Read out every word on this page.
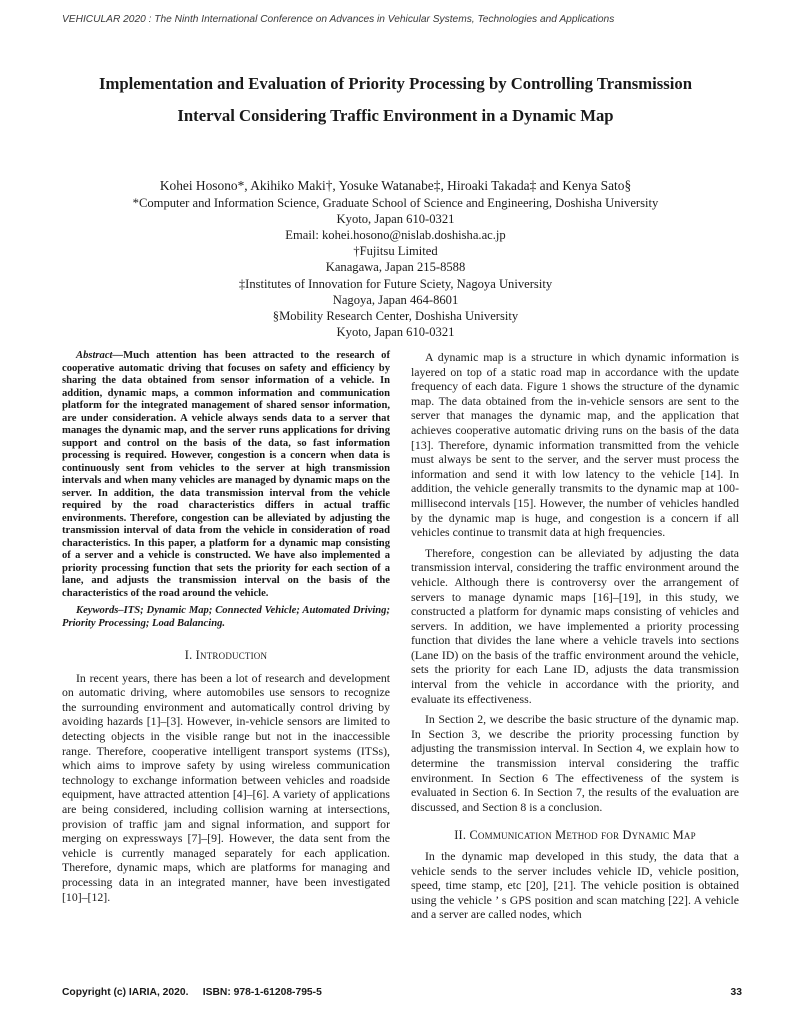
VEHICULAR 2020 : The Ninth International Conference on Advances in Vehicular Systems, Technologies and Applications
Implementation and Evaluation of Priority Processing by Controlling Transmission
Interval Considering Traffic Environment in a Dynamic Map
Kohei Hosono*, Akihiko Maki†, Yosuke Watanabe‡, Hiroaki Takada‡ and Kenya Sato§
*Computer and Information Science, Graduate School of Science and Engineering, Doshisha University
Kyoto, Japan 610-0321
Email: kohei.hosono@nislab.doshisha.ac.jp
†Fujitsu Limited
Kanagawa, Japan 215-8588
‡Institutes of Innovation for Future Sciety, Nagoya University
Nagoya, Japan 464-8601
§Mobility Research Center, Doshisha University
Kyoto, Japan 610-0321
Abstract—Much attention has been attracted to the research of cooperative automatic driving that focuses on safety and efficiency by sharing the data obtained from sensor information of a vehicle. In addition, dynamic maps, a common information and communication platform for the integrated management of shared sensor information, are under consideration. A vehicle always sends data to a server that manages the dynamic map, and the server runs applications for driving support and control on the basis of the data, so fast information processing is required. However, congestion is a concern when data is continuously sent from vehicles to the server at high transmission intervals and when many vehicles are managed by dynamic maps on the server. In addition, the data transmission interval from the vehicle required by the road characteristics differs in actual traffic environments. Therefore, congestion can be alleviated by adjusting the transmission interval of data from the vehicle in consideration of road characteristics. In this paper, a platform for a dynamic map consisting of a server and a vehicle is constructed. We have also implemented a priority processing function that sets the priority for each section of a lane, and adjusts the transmission interval on the basis of the characteristics of the road around the vehicle.
Keywords–ITS; Dynamic Map; Connected Vehicle; Automated Driving; Priority Processing; Load Balancing.
I. Introduction

In recent years, there has been a lot of research and development on automatic driving, where automobiles use sensors to recognize the surrounding environment and automatically control driving by avoiding hazards [1]–[3]. However, in-vehicle sensors are limited to detecting objects in the visible range but not in the inaccessible range. Therefore, cooperative intelligent transport systems (ITSs), which aims to improve safety by using wireless communication technology to exchange information between vehicles and roadside equipment, have attracted attention [4]–[6]. A variety of applications are being considered, including collision warning at intersections, provision of traffic jam and signal information, and support for merging on expressways [7]–[9]. However, the data sent from the vehicle is currently managed separately for each application. Therefore, dynamic maps, which are platforms for managing and processing data in an integrated manner, have been investigated [10]–[12].

A dynamic map is a structure in which dynamic information is layered on top of a static road map in accordance with the update frequency of each data. Figure 1 shows the structure of the dynamic map. The data obtained from the in-vehicle sensors are sent to the server that manages the dynamic map, and the application that achieves cooperative automatic driving runs on the basis of the data [13]. Therefore, dynamic information transmitted from the vehicle must always be sent to the server, and the server must process the information and send it with low latency to the vehicle [14]. In addition, the vehicle generally transmits to the dynamic map at 100-millisecond intervals [15]. However, the number of vehicles handled by the dynamic map is huge, and congestion is a concern if all vehicles continue to transmit data at high frequencies.

Therefore, congestion can be alleviated by adjusting the data transmission interval, considering the traffic environment around the vehicle. Although there is controversy over the arrangement of servers to manage dynamic maps [16]–[19], in this study, we constructed a platform for dynamic maps consisting of vehicles and servers. In addition, we have implemented a priority processing function that divides the lane where a vehicle travels into sections (Lane ID) on the basis of the traffic environment around the vehicle, sets the priority for each Lane ID, adjusts the data transmission interval from the vehicle in accordance with the priority, and evaluate its effectiveness.

In Section 2, we describe the basic structure of the dynamic map. In Section 3, we describe the priority processing function by adjusting the transmission interval. In Section 4, we explain how to determine the transmission interval considering the traffic environment. In Section 6 The effectiveness of the system is evaluated in Section 6. In Section 7, the results of the evaluation are discussed, and Section 8 is a conclusion.

II. Communication Method for Dynamic Map

In the dynamic map developed in this study, the data that a vehicle sends to the server includes vehicle ID, vehicle position, speed, time stamp, etc [20], [21]. The vehicle position is obtained using the vehicle ’ s GPS position and scan matching [22]. A vehicle and a server are called nodes, which

Copyright (c) IARIA, 2020. ISBN: 978-1-61208-795-5	33
